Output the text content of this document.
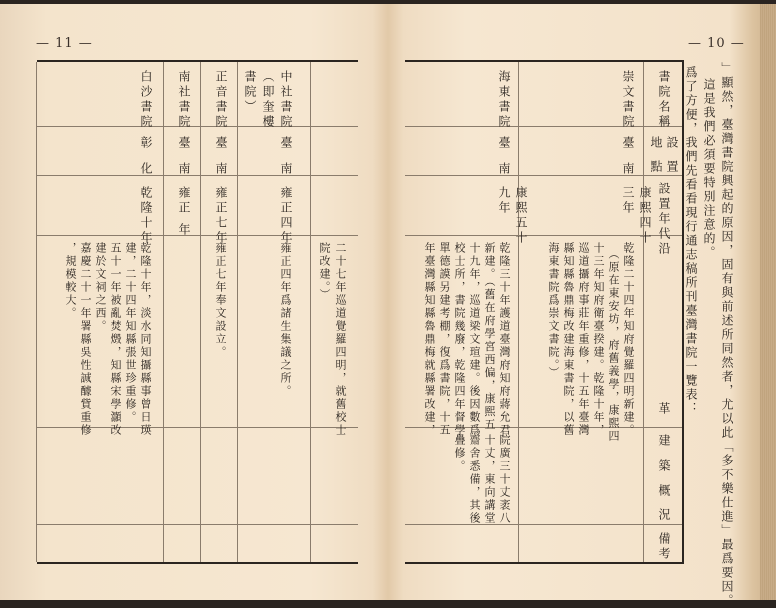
— 11 —
中社書院
（即奎樓
書院）
臺南
雍正四年
雍正四年爲諸生集議之所。	二十七年巡道覺羅四明，就舊校士
院改建。）
正音書院
臺南
雍正七年
雍正七年奉文設立。
南社書院
臺南
雍正 年
白沙書院
彰化
乾隆十年
乾隆十年，淡水同知攝縣事曾日瑛
建，二十四年知縣張世珍重修。
五十一年被亂焚燬，知縣宋學灝改
建於文祠之西。
嘉慶二十一年署縣吳性誠醵貲重修
，規模較大。
— 10 —
」顯然，臺灣書院興起的原因，固有與前述所同然者，尤以此「多不樂仕進」最爲要因。
這是我們必須要特別注意的。
爲了方便，我們先看看現行通志稿所刊臺灣書院一覽表：
書院名稱
設置
地點
設置年代
沿
革
建
築
概
況
備考
崇文書院
臺南
康熙四十三年
乾隆二十四年知府覺羅四明新建。
（原在東安坊，府舊義學，康熙四
十三年知府衛臺揆建。乾隆十年，
巡道攝府事莊年重修，十五年臺灣
縣知縣魯鼎梅改建海東書院，以舊
海東書院爲崇文書院。）
海東書院
臺南
康熙五十九年
乾隆三十年護道臺灣府知府蔣允君
新建。（舊在府學宮西偏，康熙五
十九年，巡道梁文瑄建。後因數爲
校士所，書院幾廢，乾隆四年督學
單德謨另建考棚，復爲書院，十五
年臺灣縣知縣魯鼎梅就縣署改建，
院廣三十丈袤八
十丈，東向講堂
齋舍悉備，其後
疊修。
